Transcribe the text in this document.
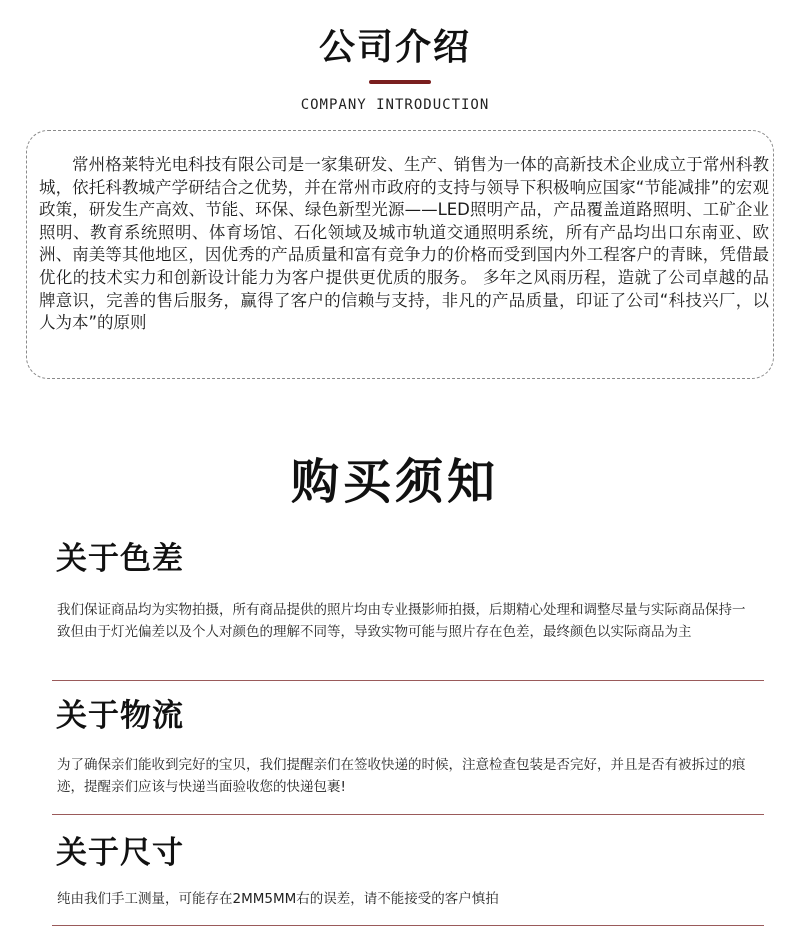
公司介绍
COMPANY INTRODUCTION

常州格莱特光电科技有限公司是一家集研发、生产、销售为一体的高新技术企业成立于常州科教城，依托科教城产学研结合之优势，并在常州市政府的支持与领导下积极响应国家“节能减排”的宏观政策，研发生产高效、节能、环保、绿色新型光源——LED照明产品，产品覆盖道路照明、工矿企业照明、教育系统照明、体育场馆、石化领域及城市轨道交通照明系统，所有产品均出口东南亚、欧洲、南美等其他地区，因优秀的产品质量和富有竞争力的价格而受到国内外工程客户的青睐，凭借最优化的技术实力和创新设计能力为客户提供更优质的服务。 多年之风雨历程，造就了公司卓越的品牌意识，完善的售后服务，赢得了客户的信赖与支持，非凡的产品质量，印证了公司“科技兴厂，以人为本”的原则

购买须知
关于色差

我们保证商品均为实物拍摄，所有商品提供的照片均由专业摄影师拍摄，后期精心处理和调整尽量与实际商品保持一致但由于灯光偏差以及个人对颜色的理解不同等，导致实物可能与照片存在色差，最终颜色以实际商品为主

关于物流

为了确保亲们能收到完好的宝贝，我们提醒亲们在签收快递的时候，注意检查包装是否完好，并且是否有被拆过的痕迹，提醒亲们应该与快递当面验收您的快递包裹!

关于尺寸

纯由我们手工测量，可能存在2MM5MM右的误差，请不能接受的客户慎拍
